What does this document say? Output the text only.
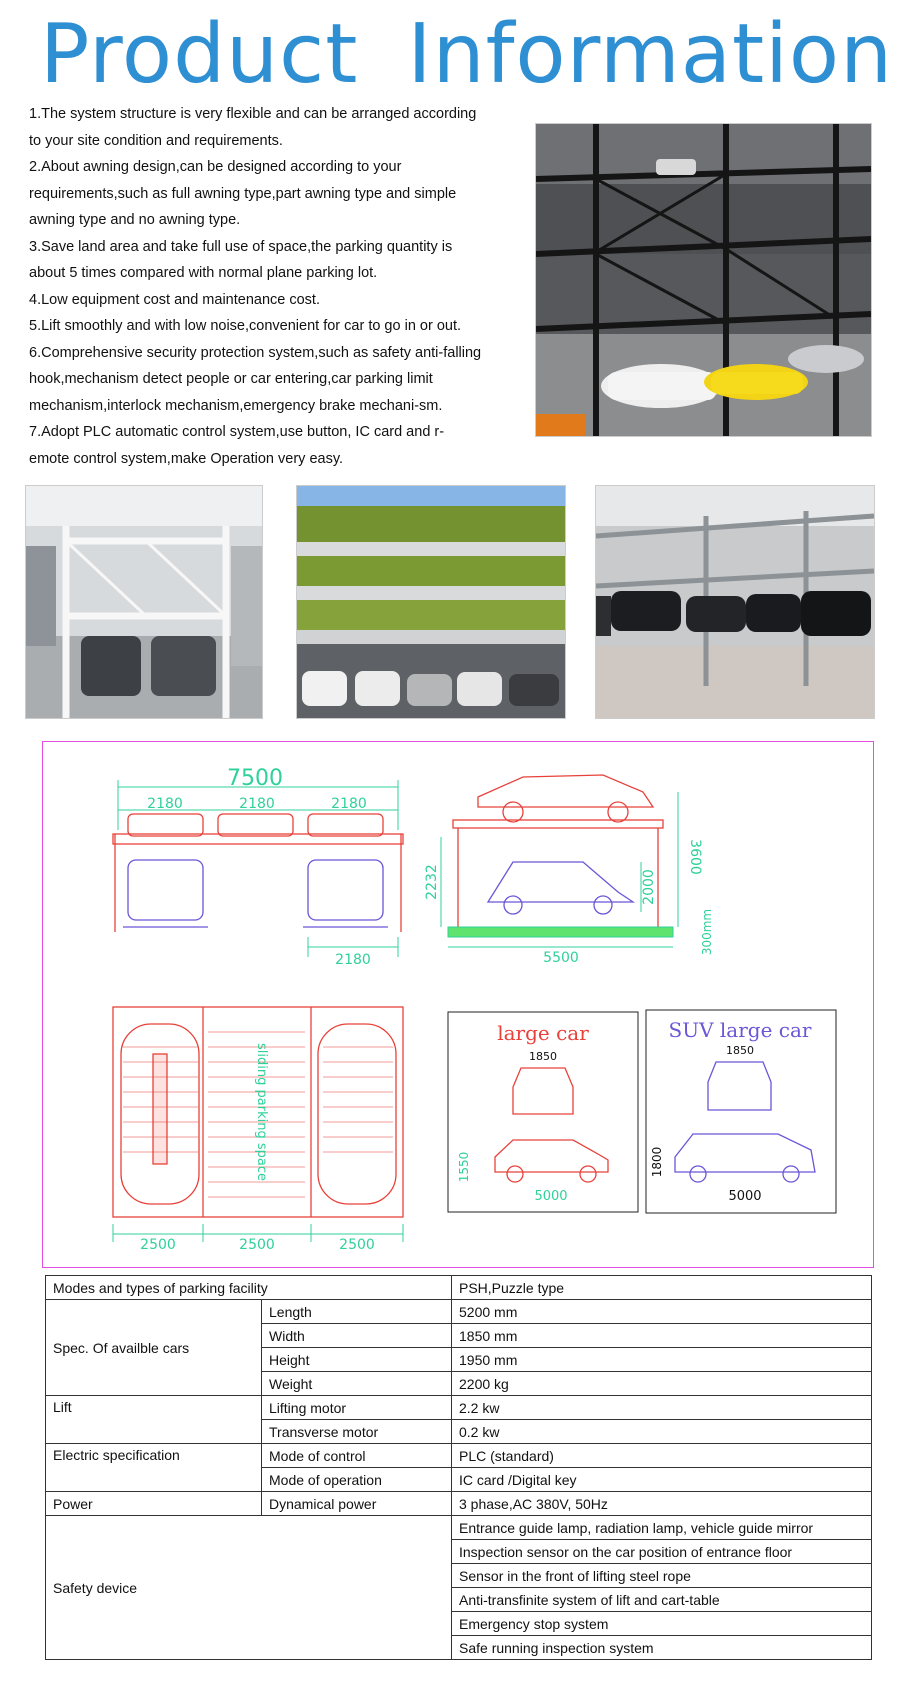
Product Information
1.The system structure is very flexible and can be arranged according
to your site condition and requirements.
2.About awning design,can be designed according to your
requirements,such as full awning type,part awning type and simple
awning type and no awning type.
3.Save land area and take full use of space,the parking quantity is
about 5 times compared with normal plane parking lot.
4.Low equipment cost and maintenance cost.
5.Lift smoothly and with low noise,convenient for car to go in or out.
6.Comprehensive security protection system,such as safety anti-falling
hook,mechanism detect people or car entering,car parking limit
mechanism,interlock mechanism,emergency brake mechani-sm.
7.Adopt PLC automatic control system,use button, IC card and r-
emote control system,make Operation very easy.
7500
2180	2180	2180
2180
2232
3600
2000
5500
300mm
sliding parking space
2500	2500	2500
large car
1850
1550
5000
SUV large car
1850
1800
5000
Modes and types of parking facility		PSH,Puzzle type
Spec. Of availble cars	Length	5200 mm
	Width	1850 mm
	Height	1950 mm
	Weight	2200 kg
Lift	Lifting motor	2.2 kw
	Transverse motor	0.2 kw
Electric specification	Mode of control	PLC (standard)
	Mode of operation	IC card /Digital key
Power	Dynamical power	3 phase,AC 380V, 50Hz
Safety device		Entrance guide lamp, radiation lamp, vehicle guide mirror
		Inspection sensor on the car position of entrance floor
		Sensor in the front of lifting steel rope
		Anti-transfinite system of lift and cart-table
		Emergency stop system
		Safe running inspection system
